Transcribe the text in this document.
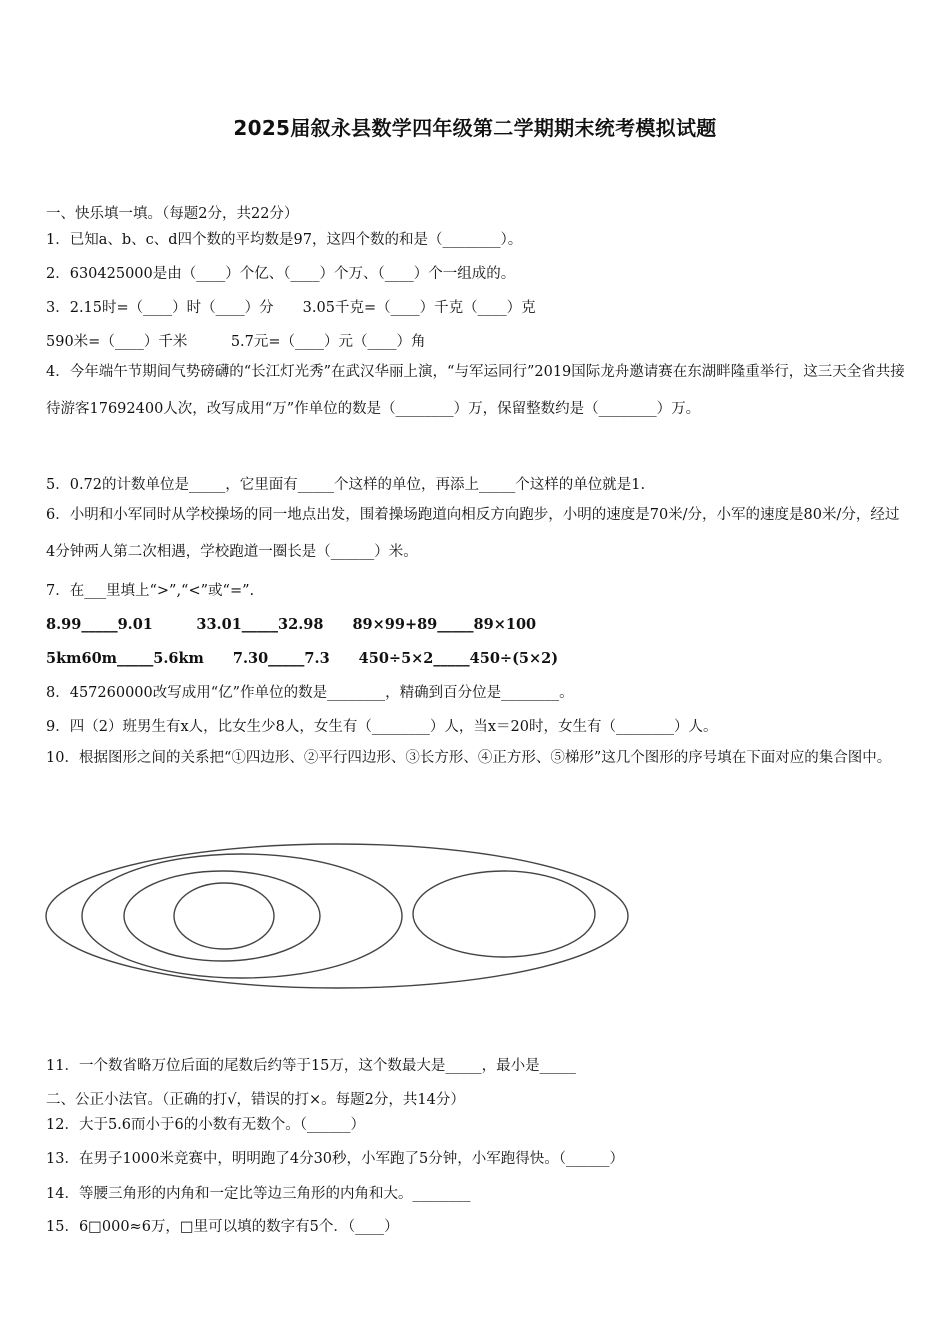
2025届叙永县数学四年级第二学期期末统考模拟试题
一、快乐填一填。（每题2分，共22分）
1．已知a、b、c、d四个数的平均数是97，这四个数的和是（________）。
2．630425000是由（____）个亿、（____）个万、（____）个一组成的。
3．2.15时=（____）时（____）分　　3.05千克=（____）千克（____）克
590米=（____）千米　　　5.7元=（____）元（____）角
4．今年端午节期间气势磅礴的“长江灯光秀”在武汉华丽上演，“与军运同行”2019国际龙舟邀请赛在东湖畔隆重举行，这三天全省共接待游客17692400人次，改写成用“万”作单位的数是（________）万，保留整数约是（________）万。
5．0.72的计数单位是_____，它里面有_____个这样的单位，再添上_____个这样的单位就是1.
6．小明和小军同时从学校操场的同一地点出发，围着操场跑道向相反方向跑步，小明的速度是70米/分，小军的速度是80米/分，经过4分钟两人第二次相遇，学校跑道一圈长是（______）米。
7．在___里填上“>”,“<”或“=”.
8.99_____9.01　　　33.01_____32.98　　89×99+89_____89×100
5km60m_____5.6km　　7.30_____7.3　　450÷5×2_____450÷(5×2)
8．457260000改写成用“亿”作单位的数是________，精确到百分位是________。
9．四（2）班男生有x人，比女生少8人，女生有（________）人，当x＝20时，女生有（________）人。
10．根据图形之间的关系把“①四边形、②平行四边形、③长方形、④正方形、⑤梯形”这几个图形的序号填在下面对应的集合图中。
11．一个数省略万位后面的尾数后约等于15万，这个数最大是_____，最小是_____
二、公正小法官。（正确的打√，错误的打×。每题2分，共14分）
12．大于5.6而小于6的小数有无数个。（______）
13．在男子1000米竞赛中，明明跑了4分30秒，小军跑了5分钟，小军跑得快。（______）
14．等腰三角形的内角和一定比等边三角形的内角和大。________
15．6□000≈6万，□里可以填的数字有5个．（____）
